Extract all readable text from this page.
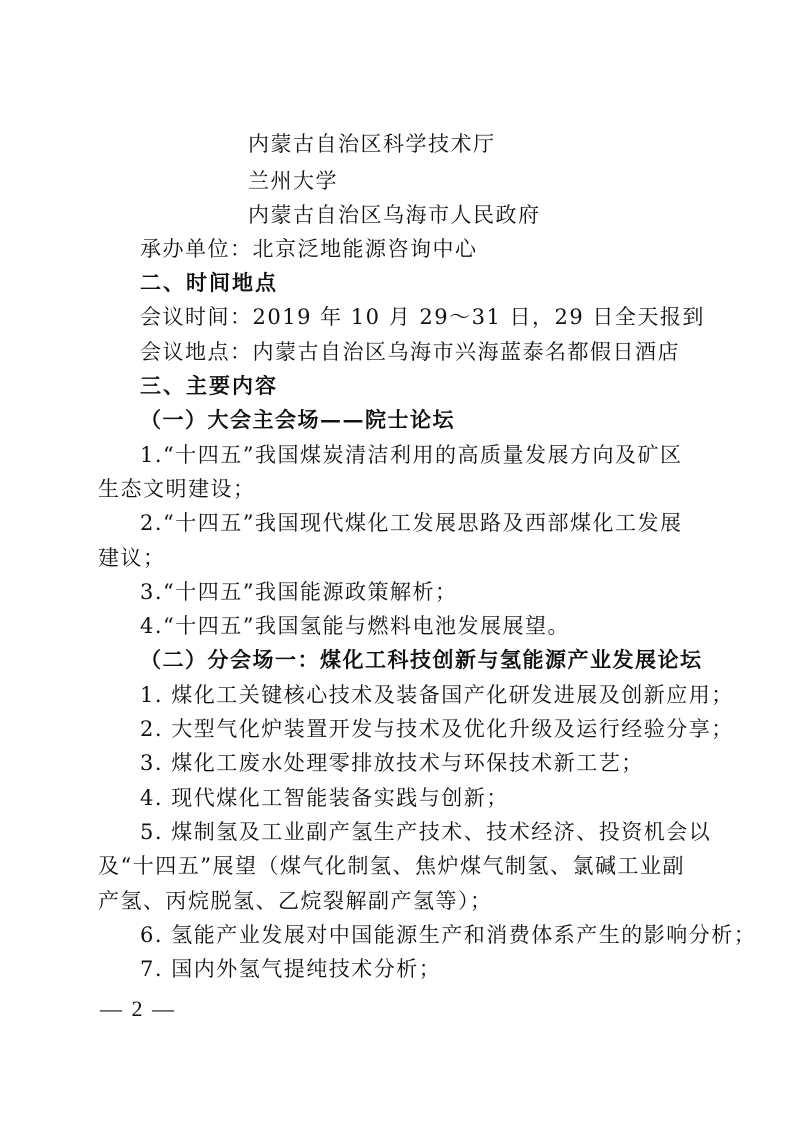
内蒙古自治区科学技术厅
兰州大学
内蒙古自治区乌海市人民政府
承办单位：北京泛地能源咨询中心
二、时间地点
会议时间：2019 年 10 月 29～31 日，29 日全天报到
会议地点：内蒙古自治区乌海市兴海蓝泰名都假日酒店
三、主要内容
（一）大会主会场——院士论坛
1.“十四五”我国煤炭清洁利用的高质量发展方向及矿区
生态文明建设；
2.“十四五”我国现代煤化工发展思路及西部煤化工发展
建议；
3.“十四五”我国能源政策解析；
4.“十四五”我国氢能与燃料电池发展展望。
（二）分会场一：煤化工科技创新与氢能源产业发展论坛
1. 煤化工关键核心技术及装备国产化研发进展及创新应用；
2. 大型气化炉装置开发与技术及优化升级及运行经验分享；
3. 煤化工废水处理零排放技术与环保技术新工艺；
4. 现代煤化工智能装备实践与创新；
5. 煤制氢及工业副产氢生产技术、技术经济、投资机会以
及“十四五”展望（煤气化制氢、焦炉煤气制氢、氯碱工业副
产氢、丙烷脱氢、乙烷裂解副产氢等）；
6. 氢能产业发展对中国能源生产和消费体系产生的影响分析；
7. 国内外氢气提纯技术分析；
— 2 —
